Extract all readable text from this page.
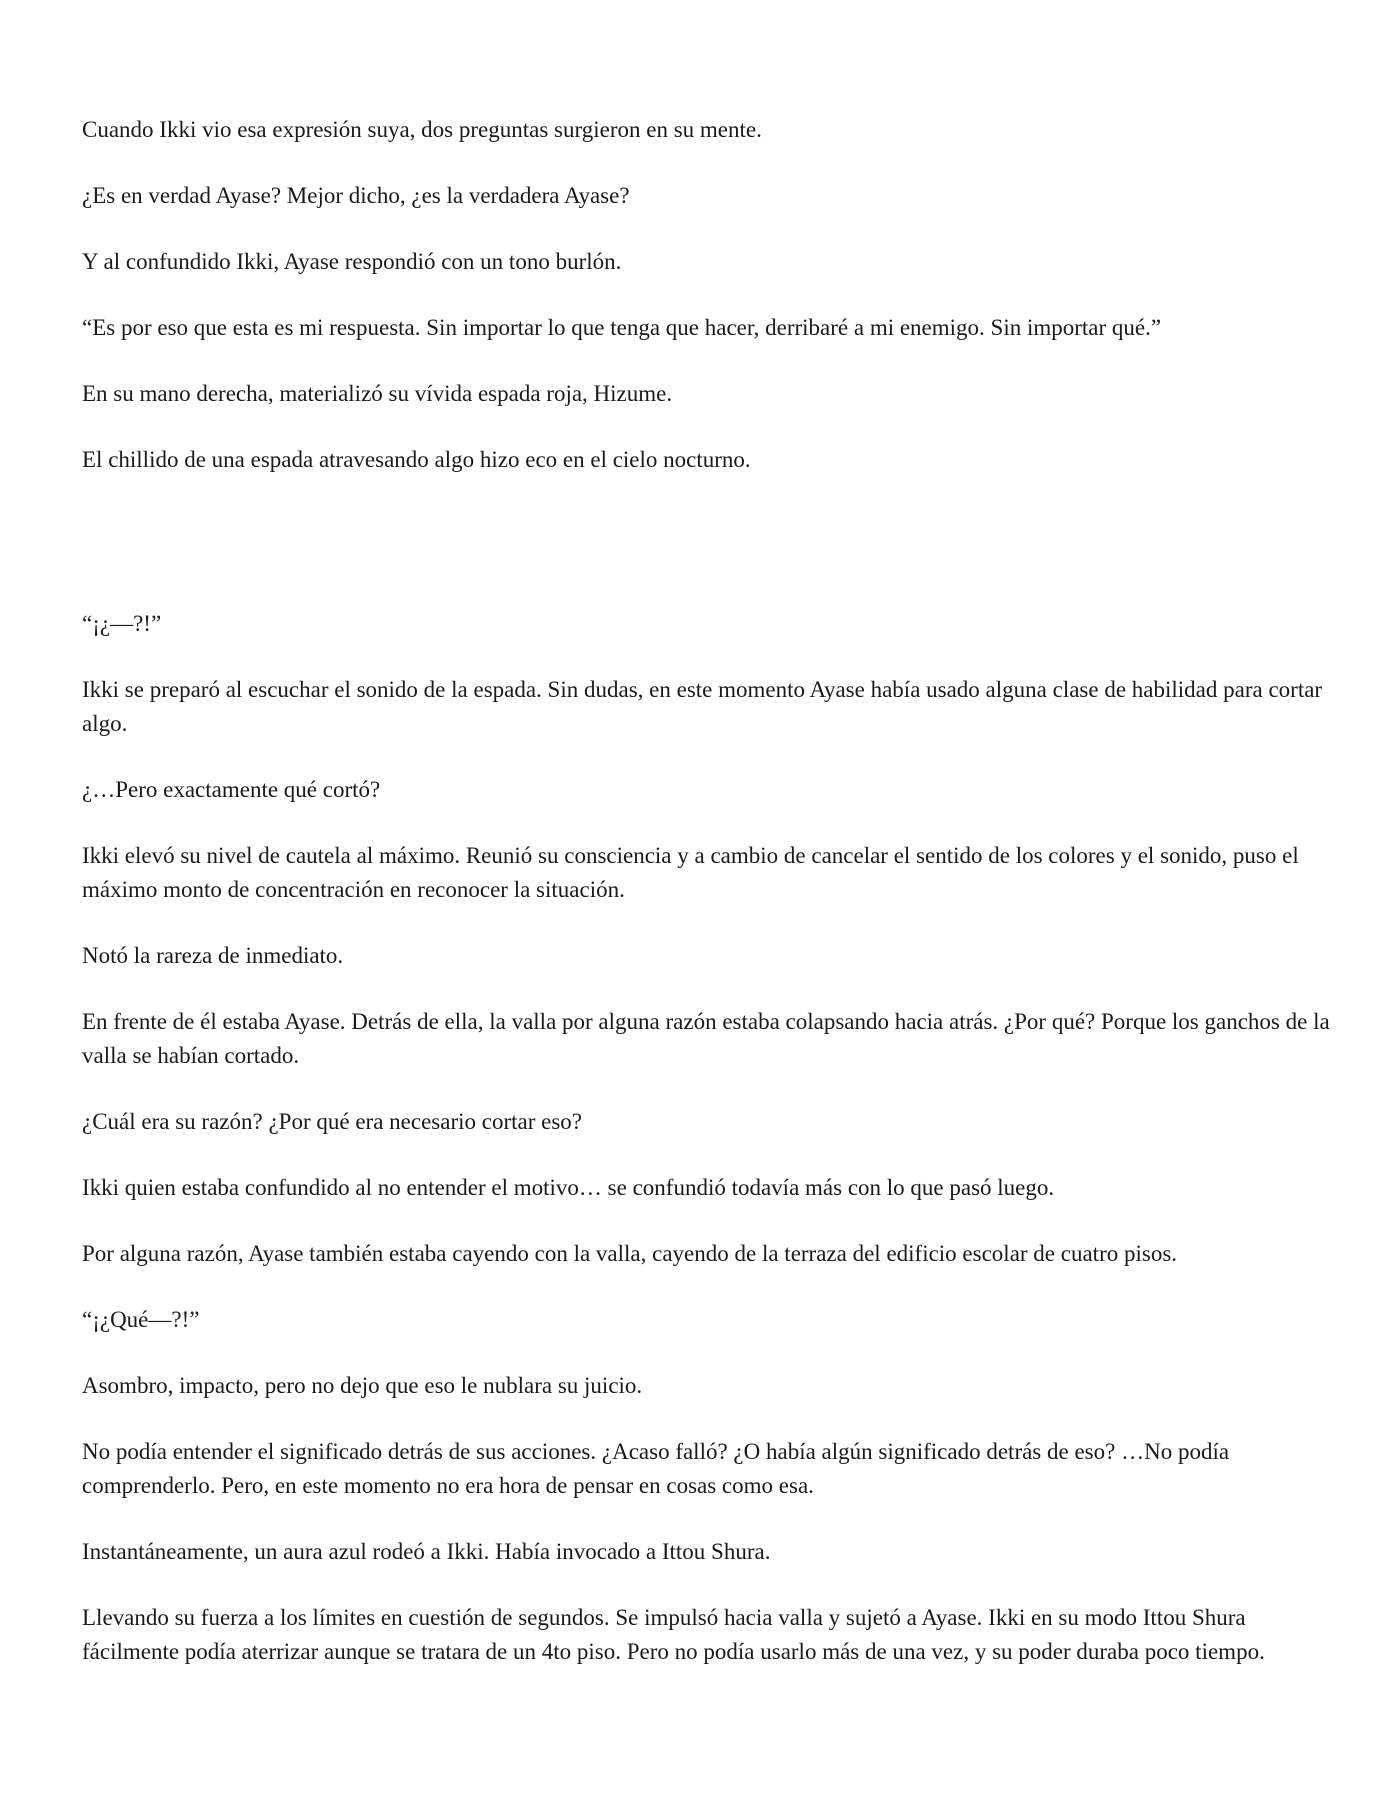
Cuando Ikki vio esa expresión suya, dos preguntas surgieron en su mente.

¿Es en verdad Ayase? Mejor dicho, ¿es la verdadera Ayase?

Y al confundido Ikki, Ayase respondió con un tono burlón.

“Es por eso que esta es mi respuesta. Sin importar lo que tenga que hacer, derribaré a mi enemigo. Sin importar qué.”

En su mano derecha, materializó su vívida espada roja, Hizume.

El chillido de una espada atravesando algo hizo eco en el cielo nocturno.

“¡¿—?!”

Ikki se preparó al escuchar el sonido de la espada. Sin dudas, en este momento Ayase había usado alguna clase de habilidad para cortar algo.

¿…Pero exactamente qué cortó?

Ikki elevó su nivel de cautela al máximo. Reunió su consciencia y a cambio de cancelar el sentido de los colores y el sonido, puso el máximo monto de concentración en reconocer la situación.

Notó la rareza de inmediato.

En frente de él estaba Ayase. Detrás de ella, la valla por alguna razón estaba colapsando hacia atrás. ¿Por qué? Porque los ganchos de la valla se habían cortado.

¿Cuál era su razón? ¿Por qué era necesario cortar eso?

Ikki quien estaba confundido al no entender el motivo… se confundió todavía más con lo que pasó luego.

Por alguna razón, Ayase también estaba cayendo con la valla, cayendo de la terraza del edificio escolar de cuatro pisos.

“¡¿Qué—?!”

Asombro, impacto, pero no dejo que eso le nublara su juicio.

No podía entender el significado detrás de sus acciones. ¿Acaso falló? ¿O había algún significado detrás de eso? …No podía comprenderlo. Pero, en este momento no era hora de pensar en cosas como esa.

Instantáneamente, un aura azul rodeó a Ikki. Había invocado a Ittou Shura.

Llevando su fuerza a los límites en cuestión de segundos. Se impulsó hacia valla y sujetó a Ayase. Ikki en su modo Ittou Shura fácilmente podía aterrizar aunque se tratara de un 4to piso. Pero no podía usarlo más de una vez, y su poder duraba poco tiempo.
